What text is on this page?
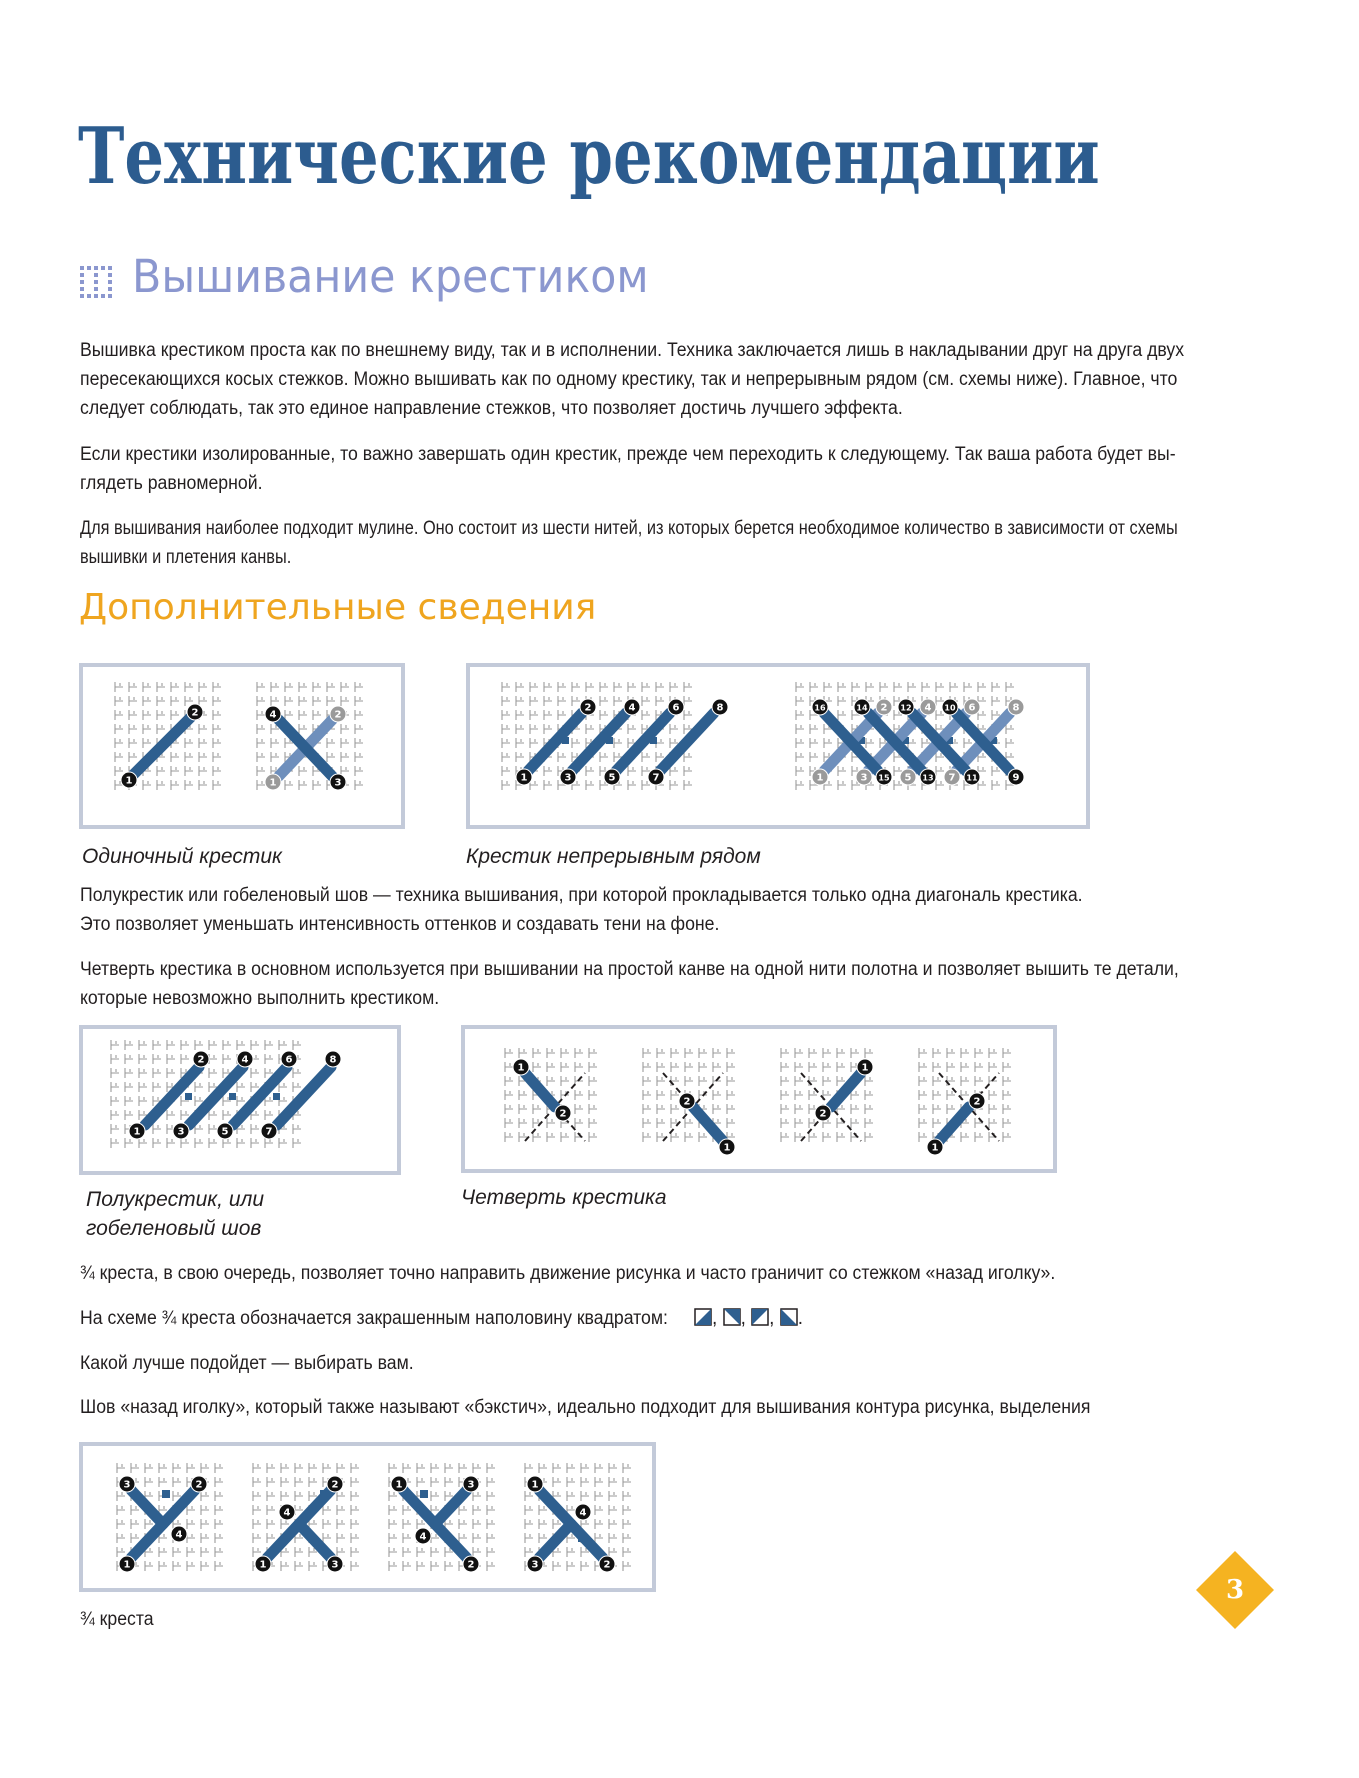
Технические рекомендации
Вышивание крестиком

Вышивка крестиком проста как по внешнему виду, так и в исполнении. Техника заключается лишь в накладывании друг на друга двух

пересекающихся косых стежков. Можно вышивать как по одному крестику, так и непрерывным рядом (см. схемы ниже). Главное, что

следует соблюдать, так это единое направление стежков, что позволяет достичь лучшего эффекта.

Если крестики изолированные, то важно завершать один крестик, прежде чем переходить к следующему. Так ваша работа будет вы-

глядеть равномерной.

Для вышивания наиболее подходит мулине. Оно состоит из шести нитей, из которых берется необходимое количество в зависимости от схемы

вышивки и плетения канвы.

Дополнительные сведения
1
2
1
2
3
4
1
2
3
4
5
6
7
8
1
2
3
4
5
6
7
8
9
10
11
12
13
14
15
16

Одиночный крестик	Крестик непрерывным рядом

Полукрестик или гобеленовый шов — техника вышивания, при которой прокладывается только одна диагональ крестика.

Это позволяет уменьшать интенсивность оттенков и создавать тени на фоне.

Четверть крестика в основном используется при вышивании на простой канве на одной нити полотна и позволяет вышить те детали,

которые невозможно выполнить крестиком.

1
2
3
4
5
6
7
8
1
2
1
2
1
2
1
2

Полукрестик, или

гобеленовый шов

Четверть крестика

¾ креста, в свою очередь, позволяет точно направить движение рисунка и часто граничит со стежком «назад иголку».

На схеме ¾ креста обозначается закрашенным наполовину квадратом:	, , , .

Какой лучше подойдет — выбирать вам.

Шов «назад иголку», который также называют «бэкстич», идеально подходит для вышивания контура рисунка, выделения

1
2
3
4
1
2
3
4
1
2
3
4
1
2
3
4

¾ креста

3
